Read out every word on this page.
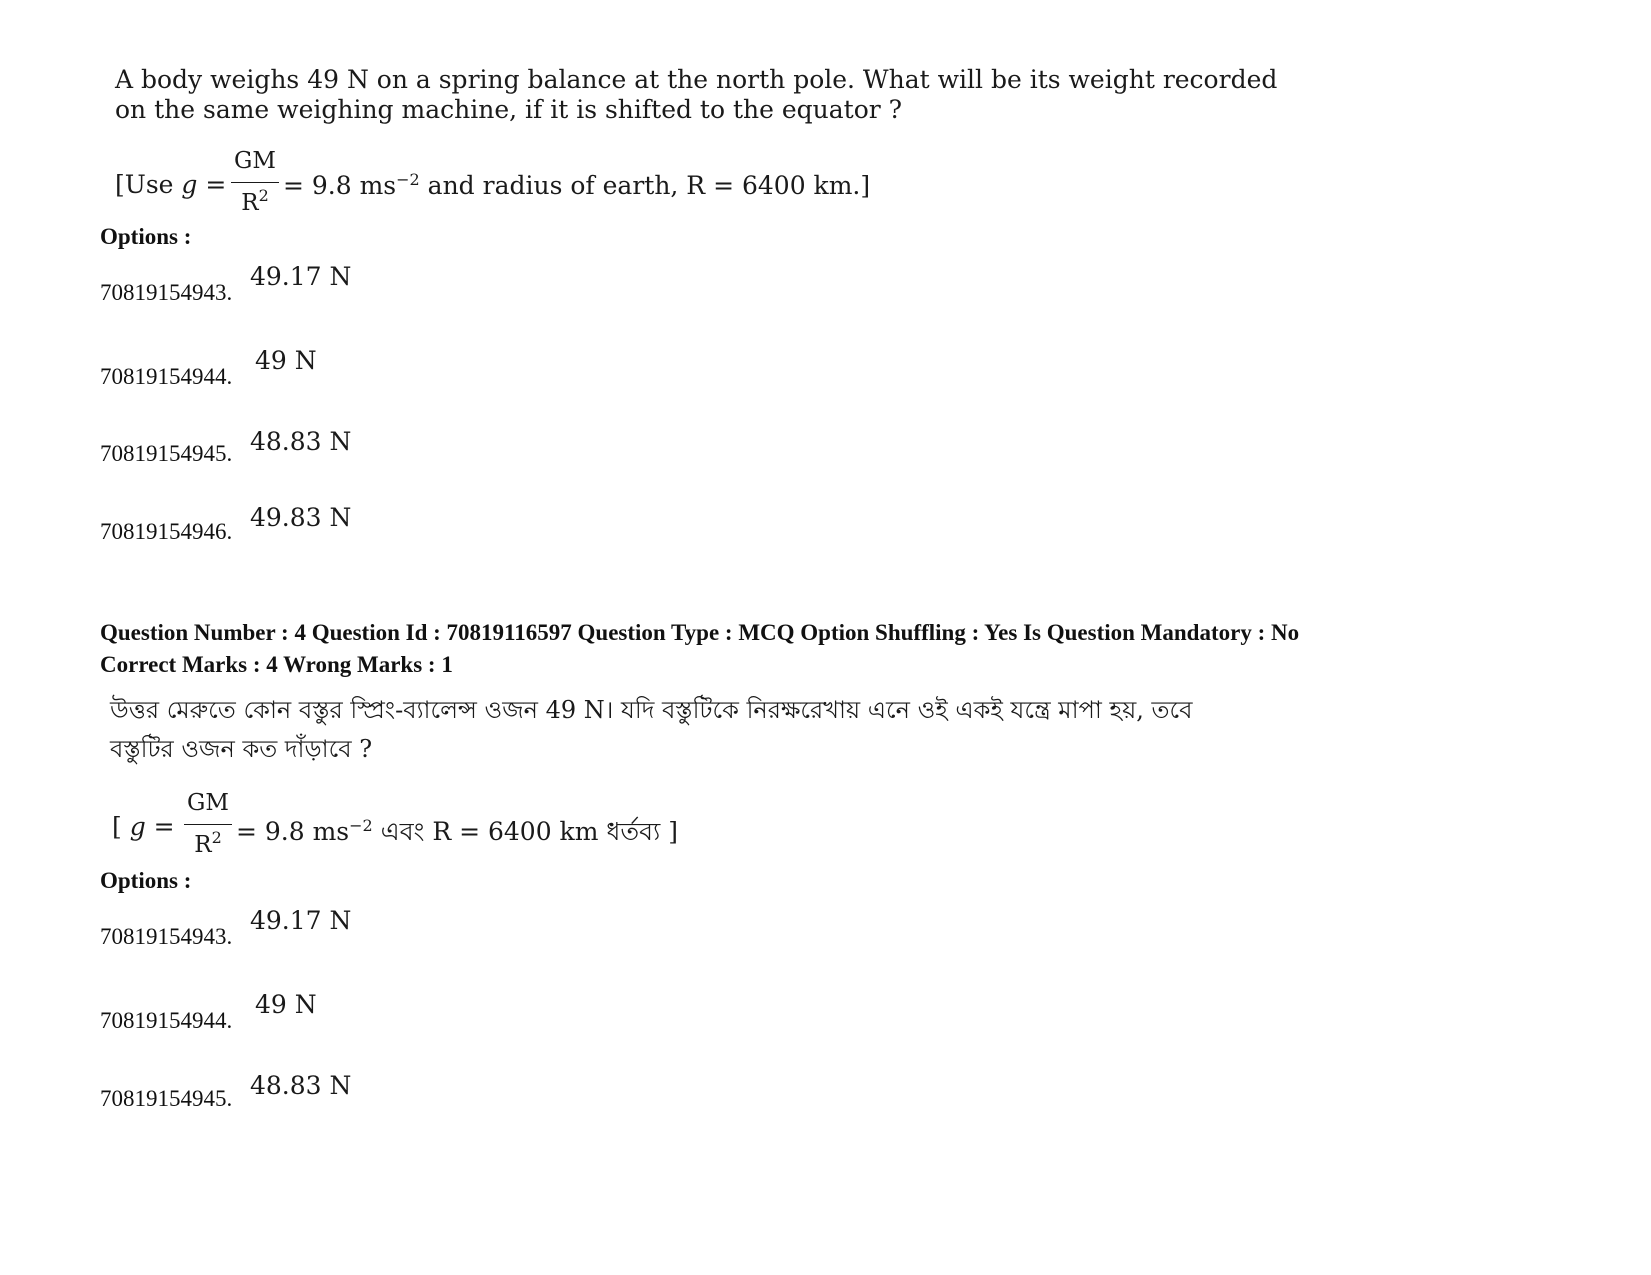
A body weighs 49 N on a spring balance at the north pole. What will be its weight recorded
on the same weighing machine, if it is shifted to the equator ?
[Use g =
GM
$R^2 = 9.8$ $ms^{-2}$ and radius of earth, R = 6400 km.]
Options :
70819154943.
49.17 N
70819154944.
49 N
70819154945. 48.83 N
70819154946. 49.83 N
Question Number : 4 Question Id : 70819116597 Question Type : MCQ Option Shuffling : Yes Is Question Mandatory : No
Correct Marks : 4 Wrong Marks : 1
উত্তর মেরুতে কোন বস্তুর স্প্রিং-ব্যালেন্স ওজন 49 N। যদি বস্তুটিকে নিরক্ষরেখায় এনে ওই একই যন্ত্রে মাপা হয়, তবে
বস্তুটির ওজন কত দাঁড়াবে ?
[ g =
GM
$R^2 = 9.8$ $ms^{-2}$ এবং R = 6400 km ধর্তব্য ]
Options :
70819154943.
49.17 N
70819154944.
49 N
70819154945. 48.83 N
